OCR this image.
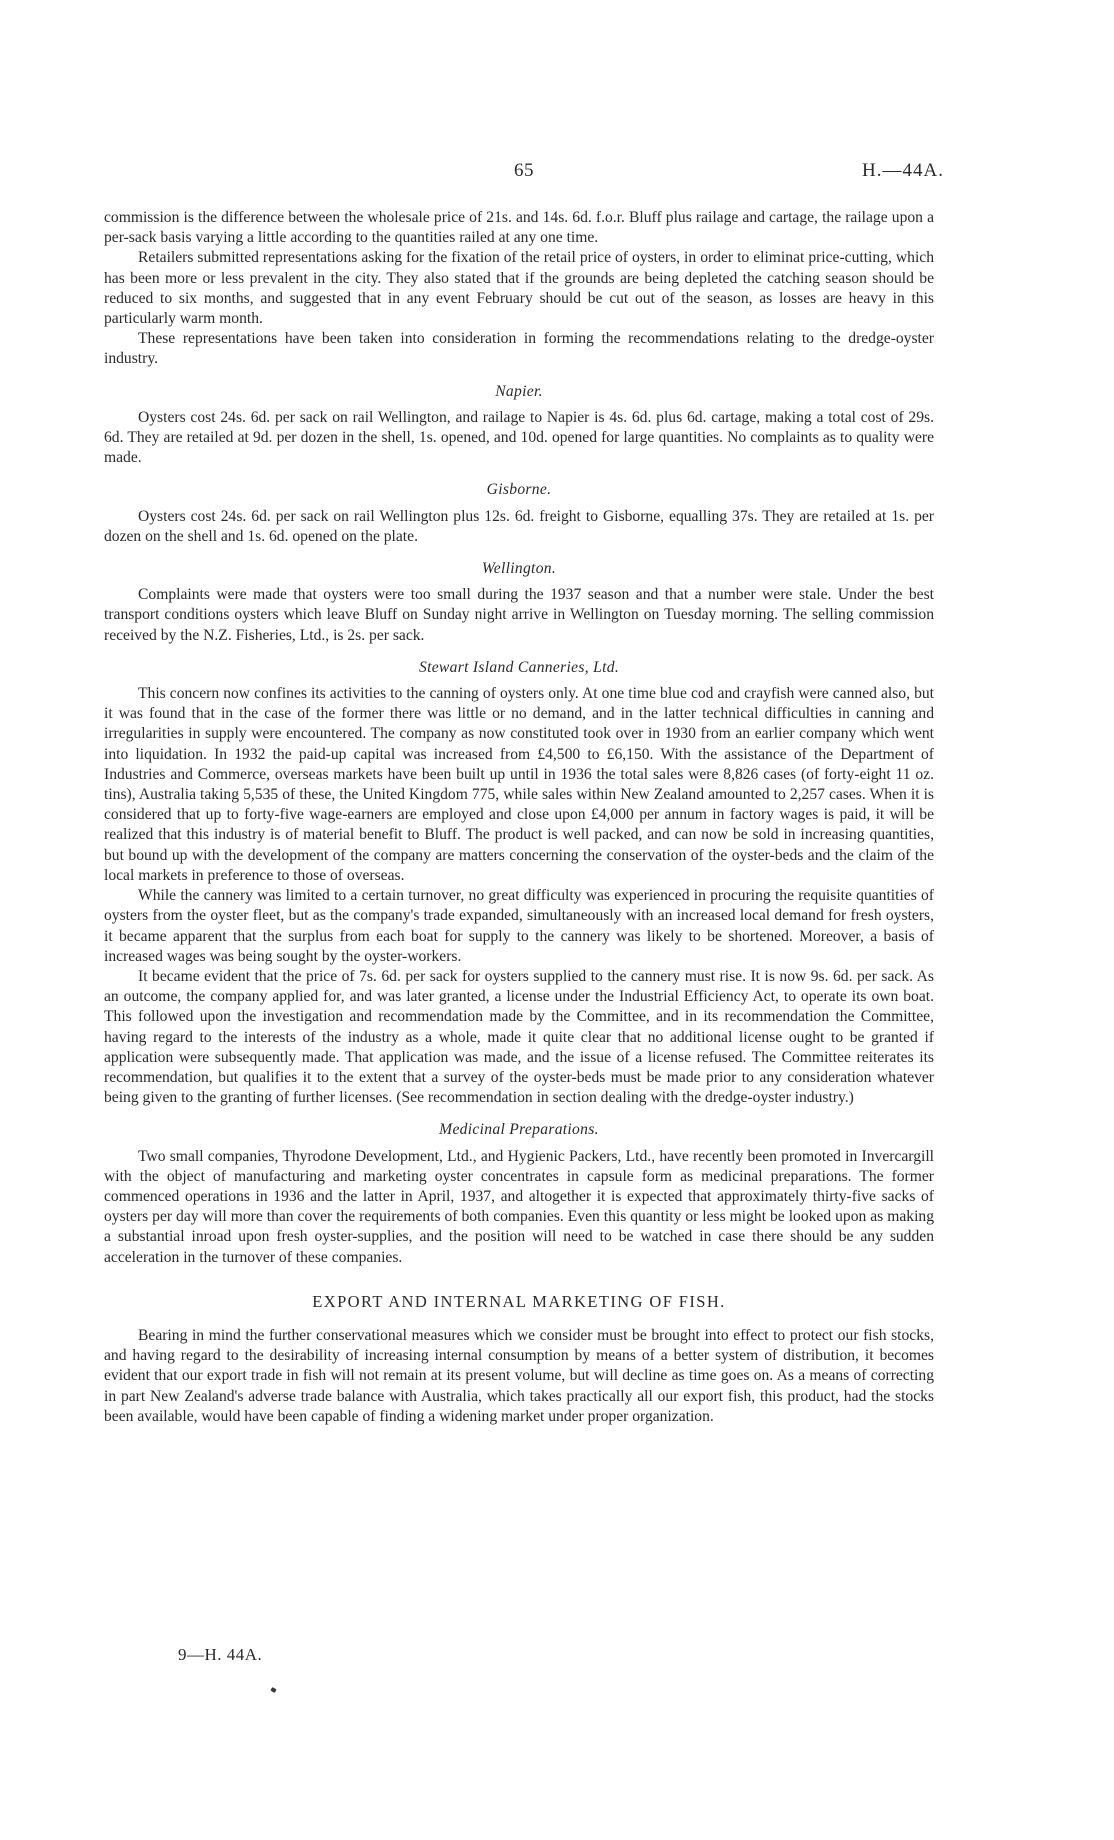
65	H.—44A.

commission is the difference between the wholesale price of 21s. and 14s. 6d. f.o.r. Bluff plus railage and cartage, the railage upon a per-sack basis varying a little according to the quantities railed at any one time.

Retailers submitted representations asking for the fixation of the retail price of oysters, in order to eliminat price-cutting, which has been more or less prevalent in the city. They also stated that if the grounds are being depleted the catching season should be reduced to six months, and suggested that in any event February should be cut out of the season, as losses are heavy in this particularly warm month.

These representations have been taken into consideration in forming the recommendations relating to the dredge-oyster industry.

Napier.

Oysters cost 24s. 6d. per sack on rail Wellington, and railage to Napier is 4s. 6d. plus 6d. cartage, making a total cost of 29s. 6d. They are retailed at 9d. per dozen in the shell, 1s. opened, and 10d. opened for large quantities. No complaints as to quality were made.

Gisborne.

Oysters cost 24s. 6d. per sack on rail Wellington plus 12s. 6d. freight to Gisborne, equalling 37s. They are retailed at 1s. per dozen on the shell and 1s. 6d. opened on the plate.

Wellington.

Complaints were made that oysters were too small during the 1937 season and that a number were stale. Under the best transport conditions oysters which leave Bluff on Sunday night arrive in Wellington on Tuesday morning. The selling commission received by the N.Z. Fisheries, Ltd., is 2s. per sack.

Stewart Island Canneries, Ltd.

This concern now confines its activities to the canning of oysters only. At one time blue cod and crayfish were canned also, but it was found that in the case of the former there was little or no demand, and in the latter technical difficulties in canning and irregularities in supply were encountered. The company as now constituted took over in 1930 from an earlier company which went into liquidation. In 1932 the paid-up capital was increased from £4,500 to £6,150. With the assistance of the Department of Industries and Commerce, overseas markets have been built up until in 1936 the total sales were 8,826 cases (of forty-eight 11 oz. tins), Australia taking 5,535 of these, the United Kingdom 775, while sales within New Zealand amounted to 2,257 cases. When it is considered that up to forty-five wage-earners are employed and close upon £4,000 per annum in factory wages is paid, it will be realized that this industry is of material benefit to Bluff. The product is well packed, and can now be sold in increasing quantities, but bound up with the development of the company are matters concerning the conservation of the oyster-beds and the claim of the local markets in preference to those of overseas.

While the cannery was limited to a certain turnover, no great difficulty was experienced in procuring the requisite quantities of oysters from the oyster fleet, but as the company's trade expanded, simultaneously with an increased local demand for fresh oysters, it became apparent that the surplus from each boat for supply to the cannery was likely to be shortened. Moreover, a basis of increased wages was being sought by the oyster-workers.

It became evident that the price of 7s. 6d. per sack for oysters supplied to the cannery must rise. It is now 9s. 6d. per sack. As an outcome, the company applied for, and was later granted, a license under the Industrial Efficiency Act, to operate its own boat. This followed upon the investigation and recommendation made by the Committee, and in its recommendation the Committee, having regard to the interests of the industry as a whole, made it quite clear that no additional license ought to be granted if application were subsequently made. That application was made, and the issue of a license refused. The Committee reiterates its recommendation, but qualifies it to the extent that a survey of the oyster-beds must be made prior to any consideration whatever being given to the granting of further licenses. (See recommendation in section dealing with the dredge-oyster industry.)

Medicinal Preparations.

Two small companies, Thyrodone Development, Ltd., and Hygienic Packers, Ltd., have recently been promoted in Invercargill with the object of manufacturing and marketing oyster concentrates in capsule form as medicinal preparations. The former commenced operations in 1936 and the latter in April, 1937, and altogether it is expected that approximately thirty-five sacks of oysters per day will more than cover the requirements of both companies. Even this quantity or less might be looked upon as making a substantial inroad upon fresh oyster-supplies, and the position will need to be watched in case there should be any sudden acceleration in the turnover of these companies.

EXPORT AND INTERNAL MARKETING OF FISH.

Bearing in mind the further conservational measures which we consider must be brought into effect to protect our fish stocks, and having regard to the desirability of increasing internal consumption by means of a better system of distribution, it becomes evident that our export trade in fish will not remain at its present volume, but will decline as time goes on. As a means of correcting in part New Zealand's adverse trade balance with Australia, which takes practically all our export fish, this product, had the stocks been available, would have been capable of finding a widening market under proper organization.

9—H. 44A.
